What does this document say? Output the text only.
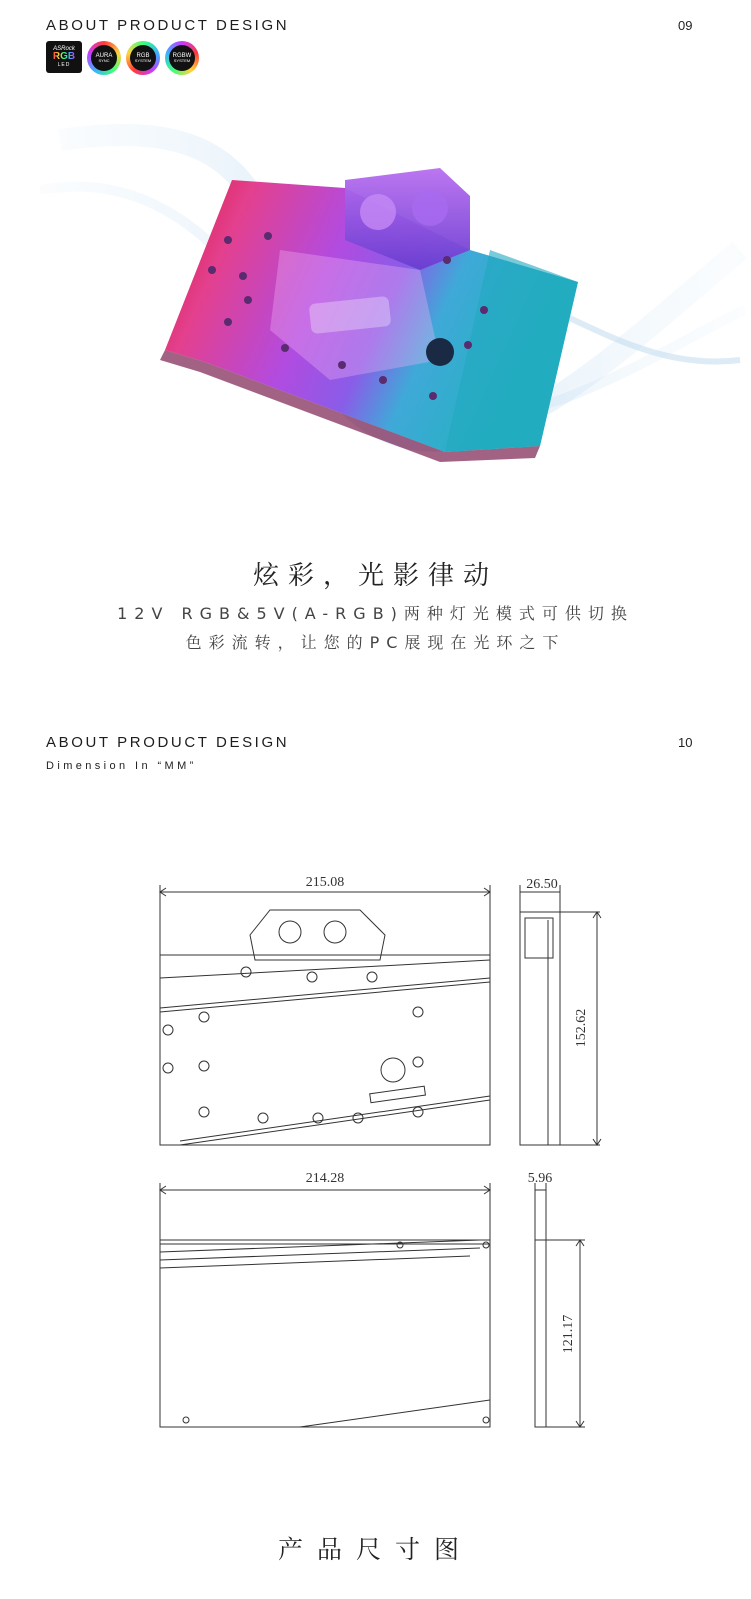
ABOUT PRODUCT DESIGN	09
ASRock
RGB
LED
AURA
SYNC
RGB
SYSTEM
RGBW
SYSTEM
炫彩，光影律动
12V RGB&5V(A-RGB)两种灯光模式可供切换
色彩流转，让您的PC展现在光环之下
ABOUT PRODUCT DESIGN	10
Dimension In “MM”
215.08	26.50
152.62
214.28	5.96
121.17
产品尺寸图
